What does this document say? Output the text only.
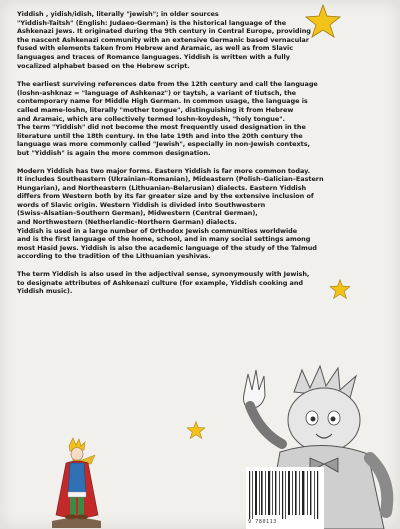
Yiddish , yidish/idish, literally "jewish"; in older sources
"Yiddish-Taitsh" (English: Judaeo-German) is the historical language of the
Ashkenazi Jews. It originated during the 9th century in Central Europe, providing
the nascent Ashkenazi community with an extensive Germanic based vernacular
fused with elements taken from Hebrew and Aramaic, as well as from Slavic
languages and traces of Romance languages. Yiddish is written with a fully
vocalized alphabet based on the Hebrew script.

The earliest surviving references date from the 12th century and call the language
(loshn-ashknaz = "language of Ashkenaz") or taytsh, a variant of tiutsch, the
contemporary name for Middle High German. In common usage, the language is
called mame-loshn, literally "mother tongue", distinguishing it from Hebrew
and Aramaic, which are collectively termed loshn-koydesh, "holy tongue".
The term "Yiddish" did not become the most frequently used designation in the
literature until the 18th century. In the late 19th and into the 20th century the
language was more commonly called "Jewish", especially in non-Jewish contexts,
but "Yiddish" is again the more common designation.

Modern Yiddish has two major forms. Eastern Yiddish is far more common today.
It includes Southeastern (Ukrainian–Romanian), Mideastern (Polish–Galician–Eastern
Hungarian), and Northeastern (Lithuanian–Belarusian) dialects. Eastern Yiddish
differs from Western both by its far greater size and by the extensive inclusion of
words of Slavic origin. Western Yiddish is divided into Southwestern
(Swiss–Alsatian–Southern German), Midwestern (Central German),
and Northwestern (Netherlandic–Northern German) dialects.
Yiddish is used in a large number of Orthodox Jewish communities worldwide
and is the first language of the home, school, and in many social settings among
most Hasid Jews. Yiddish is also the academic language of the study of the Talmud
according to the tradition of the Lithuanian yeshivas.

The term Yiddish is also used in the adjectival sense, synonymously with Jewish,
to designate attributes of Ashkenazi culture (for example, Yiddish cooking and
Yiddish music).

9 780113
